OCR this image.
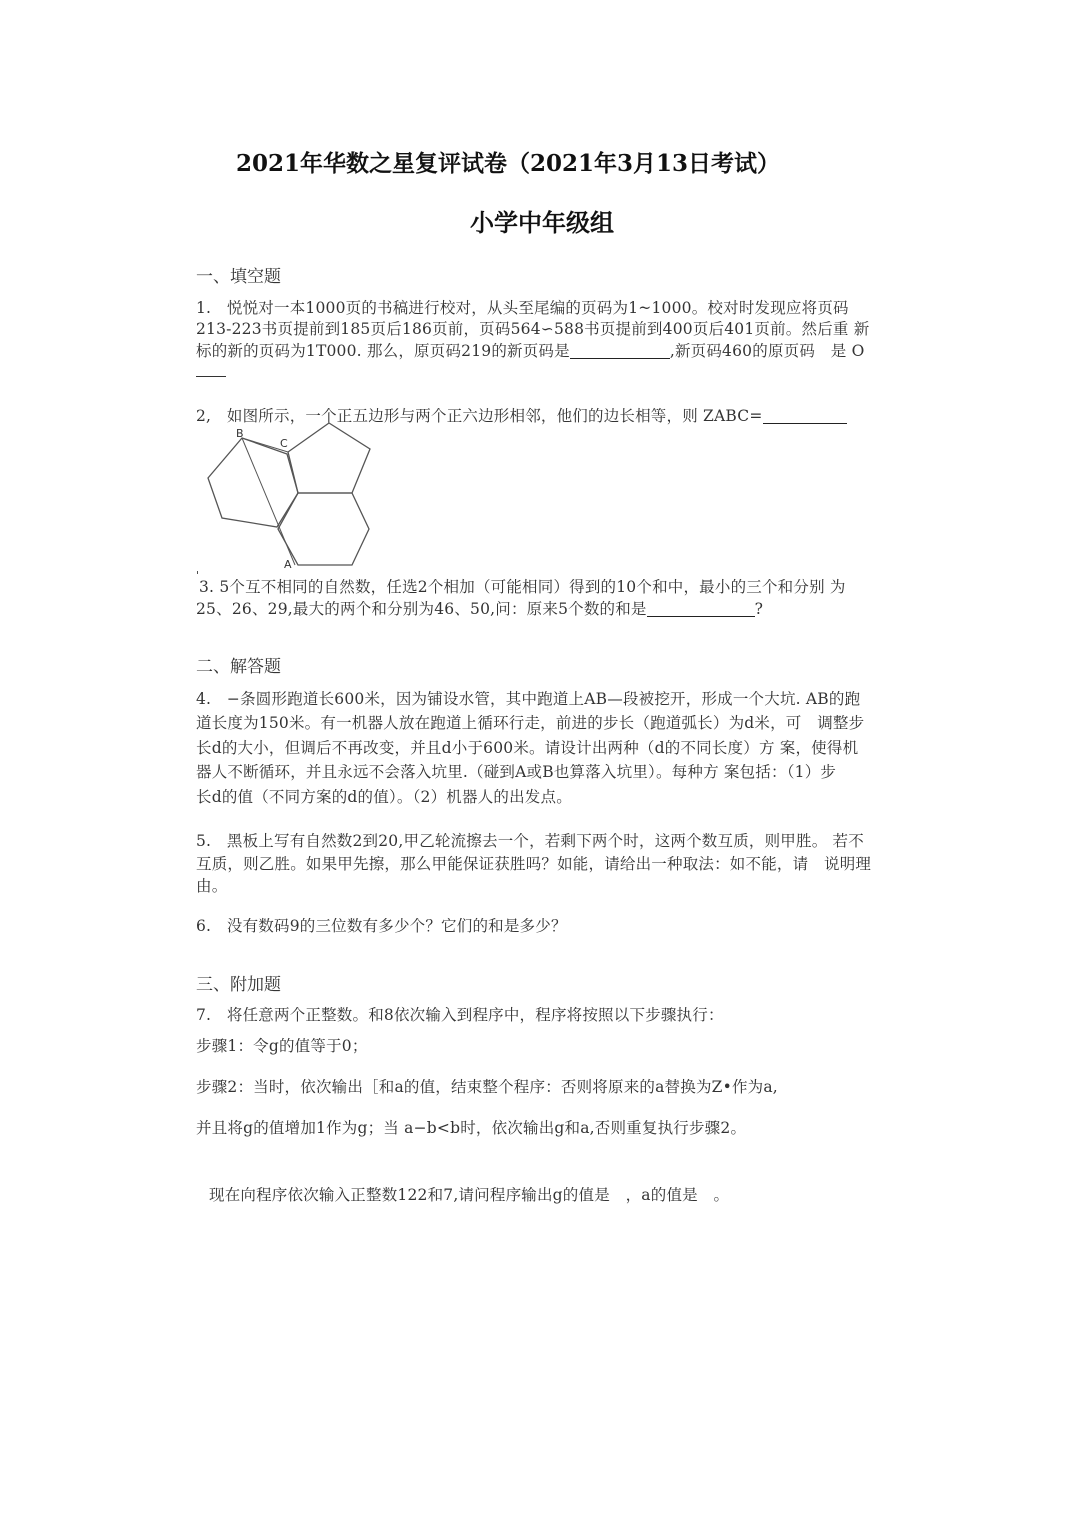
2021年华数之星复评试卷（2021年3月13日考试）
小学中年级组
一、填空题
1.　悦悦对一本1000页的书稿进行校对，从头至尾编的页码为1~1000。校对时发现应将页码
213-223书页提前到185页后186页前，页码564∽588书页提前到400页后401页前。然后重 新
标的新的页码为1T000. 那么，原页码219的新页码是	,新页码460的原页码　是 O
2,　如图所示，一个正五边形与两个正六边形相邻，他们的边长相等，则 ZABC=
B
C
A
'
3. 5个互不相同的自然数，任选2个相加（可能相同）得到的10个和中，最小的三个和分别 为
25、26、29,最大的两个和分别为46、50,问：原来5个数的和是	?
二、解答题
4.　−条圆形跑道长600米，因为铺设水管，其中跑道上AB—段被挖开，形成一个大坑. AB的跑
道长度为150米。有一机器人放在跑道上循环行走，前进的步长（跑道弧长）为d米，可　调整步
长d的大小，但调后不再改变，并且d小于600米。请设计出两种（d的不同长度）方 案，使得机
器人不断循环，并且永远不会落入坑里.（碰到A或B也算落入坑里）。每种方 案包括：（1）步
长d的值（不同方案的d的值）。（2）机器人的出发点。
5.　黑板上写有自然数2到20,甲乙轮流擦去一个，若剩下两个时，这两个数互质，则甲胜。 若不
互质，则乙胜。如果甲先擦，那么甲能保证获胜吗？如能，请给出一种取法：如不能，请　说明理
由。
6.　没有数码9的三位数有多少个？它们的和是多少？
三、附加题
7.　将任意两个正整数。和8依次输入到程序中，程序将按照以下步骤执行：
步骤1：令g的值等于0；
步骤2：当时，依次输出［和a的值，结束整个程序：否则将原来的a替换为Z•作为a,
并且将g的值增加1作为g；当 a−b<b时，依次输出g和a,否则重复执行步骤2。
现在向程序依次输入正整数122和7,请问程序输出g的值是　，a的值是　。
